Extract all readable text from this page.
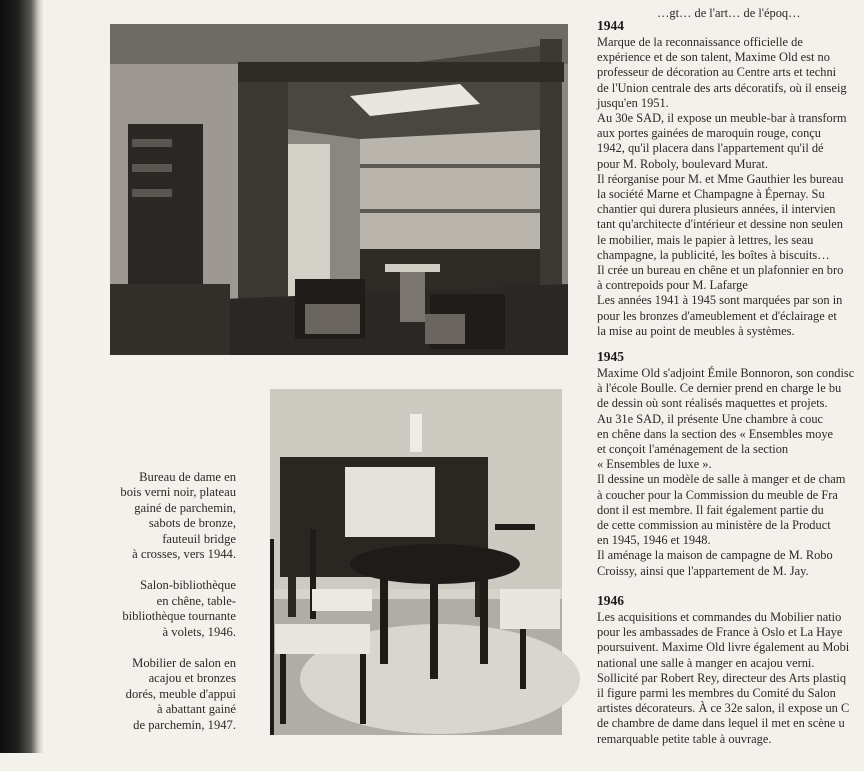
Bureau de dame en
bois verni noir, plateau
gainé de parchemin,
sabots de bronze,
fauteuil bridge
à crosses, vers 1944.

Salon-bibliothèque
en chêne, table-
bibliothèque tournante
à volets, 1946.

Mobilier de salon en
acajou et bronzes
dorés, meuble d'appui
à abattant gainé
de parchemin, 1947.

…gt… de l'art… de l'époq…
1944

Marque de la reconnaissance officielle de
expérience et de son talent, Maxime Old est no
professeur de décoration au Centre arts et techni
de l'Union centrale des arts décoratifs, où il enseig
jusqu'en 1951.

Au 30e SAD, il expose un meuble-bar à transform
aux portes gainées de maroquin rouge, conçu
1942, qu'il placera dans l'appartement qu'il dé
pour M. Roboly, boulevard Murat.

Il réorganise pour M. et Mme Gauthier les bureau
la société Marne et Champagne à Épernay. Su
chantier qui durera plusieurs années, il intervien
tant qu'architecte d'intérieur et dessine non seulen
le mobilier, mais le papier à lettres, les seau
champagne, la publicité, les boîtes à biscuits…

Il crée un bureau en chêne et un plafonnier en bro
à contrepoids pour M. Lafarge

Les années 1941 à 1945 sont marquées par son in
pour les bronzes d'ameublement et d'éclairage et
la mise au point de meubles à systèmes.

1945

Maxime Old s'adjoint Émile Bonnoron, son condisc
à l'école Boulle. Ce dernier prend en charge le bu
de dessin où sont réalisés maquettes et projets.

Au 31e SAD, il présente Une chambre à couc
en chêne dans la section des « Ensembles moye
et conçoit l'aménagement de la section
« Ensembles de luxe ».

Il dessine un modèle de salle à manger et de cham
à coucher pour la Commission du meuble de Fra
dont il est membre. Il fait également partie du
de cette commission au ministère de la Product
en 1945, 1946 et 1948.

Il aménage la maison de campagne de M. Robo
Croissy, ainsi que l'appartement de M. Jay.

1946

Les acquisitions et commandes du Mobilier natio
pour les ambassades de France à Oslo et La Haye
poursuivent. Maxime Old livre également au Mobi
national une salle à manger en acajou verni.

Sollicité par Robert Rey, directeur des Arts plastiq
il figure parmi les membres du Comité du Salon
artistes décorateurs. À ce 32e salon, il expose un C
de chambre de dame dans lequel il met en scène u
remarquable petite table à ouvrage.
